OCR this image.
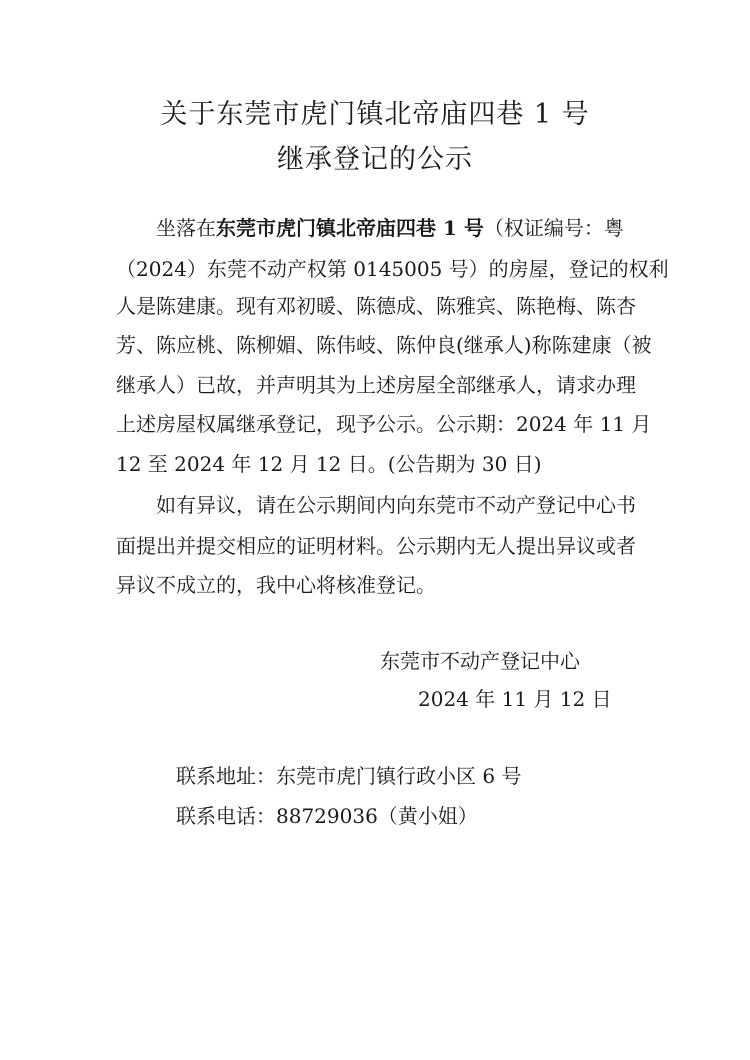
关于东莞市虎门镇北帝庙四巷 1 号
继承登记的公示
坐落在 东莞市虎门镇北帝庙四巷 1 号 （权证编号：粤
（2024）东莞不动产权第 0145005 号）的房屋，登记的权利
人是陈建康。现有邓初暖、陈德成、陈雅宾、陈艳梅、陈杏
芳、陈应桃、陈柳媚、陈伟岐、陈仲良(继承人)称陈建康（被
继承人）已故，并声明其为上述房屋全部继承人，请求办理
上述房屋权属继承登记，现予公示。公示期：2024 年 11 月
12 至 2024 年 12 月 12 日。(公告期为 30 日)
如有异议，请在公示期间内向东莞市不动产登记中心书
面提出并提交相应的证明材料。公示期内无人提出异议或者
异议不成立的，我中心将核准登记。
东莞市不动产登记中心
2024 年 11 月 12 日
联系地址：东莞市虎门镇行政小区 6 号
联系电话：88729036（黄小姐）
